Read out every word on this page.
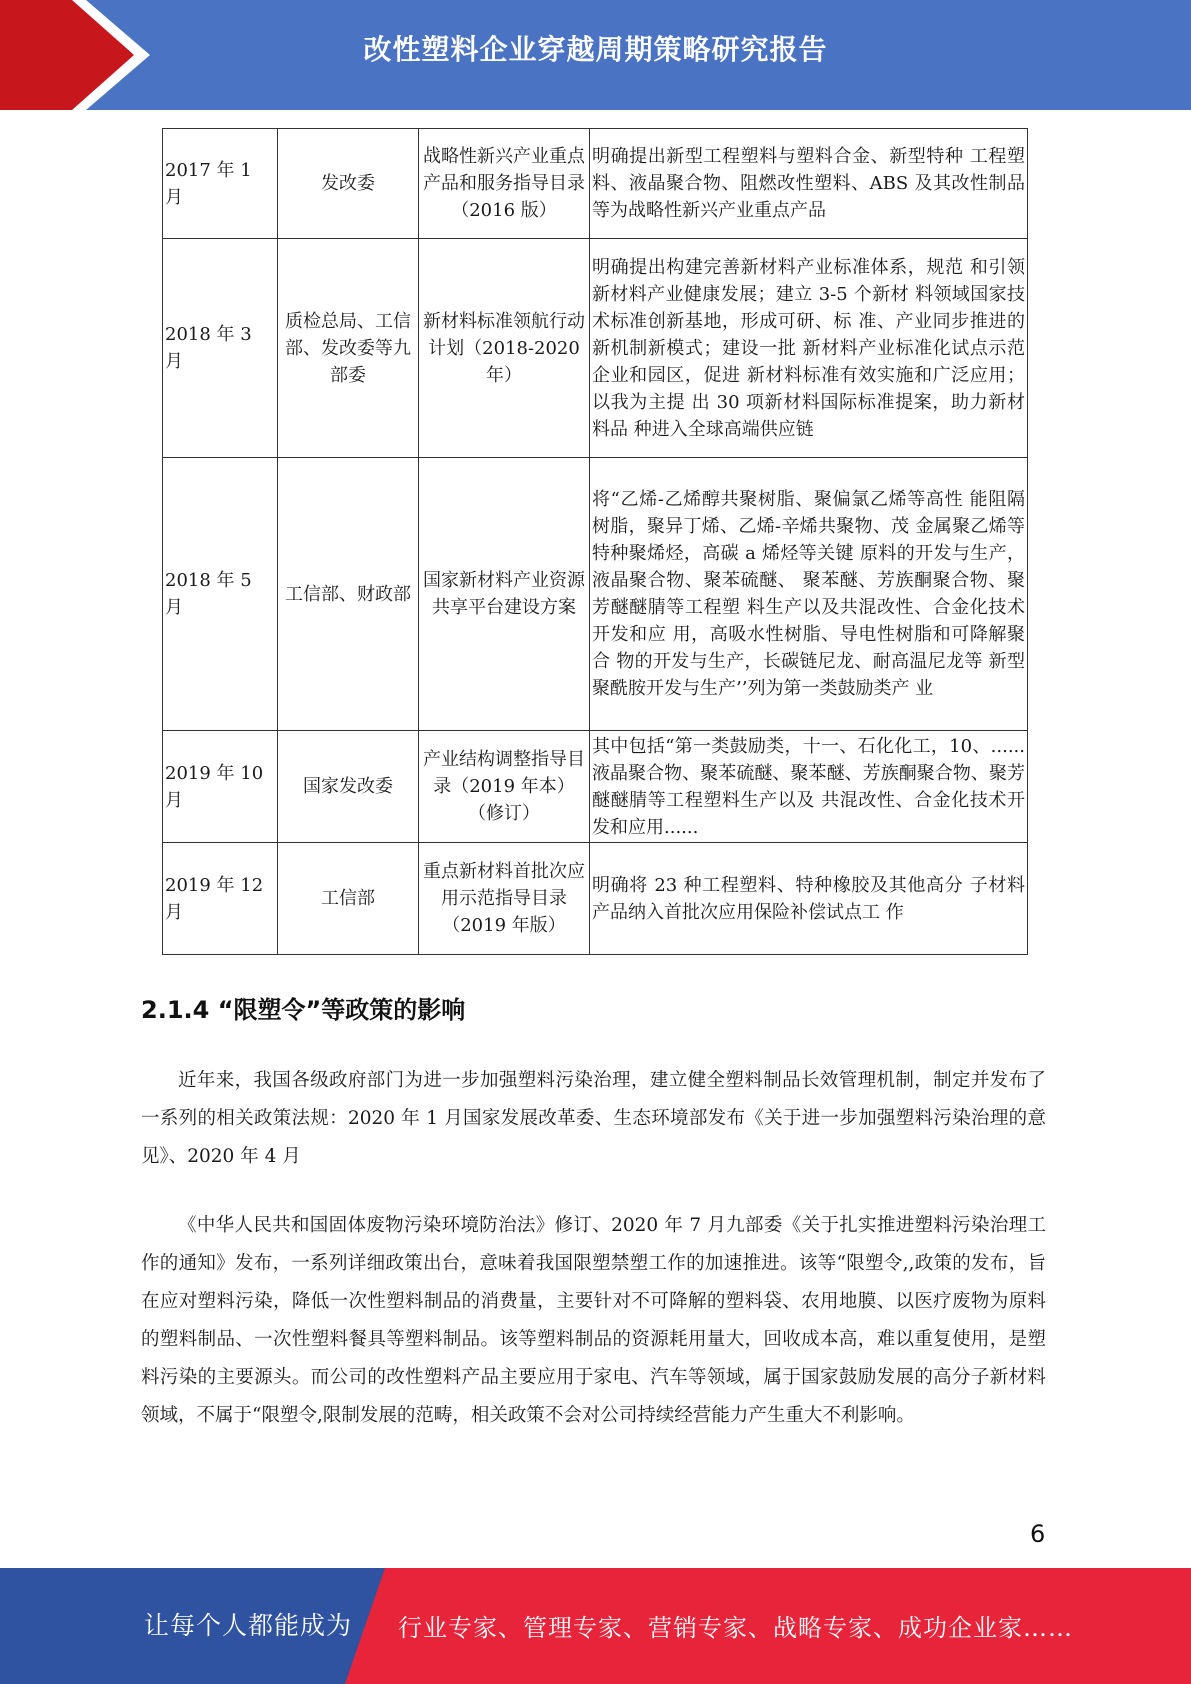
改性塑料企业穿越周期策略研究报告
2017 年 1 月	发改委	战略性新兴产业重点产品和服务指导目录（2016 版）	明确提出新型工程塑料与塑料合金、新型特种 工程塑料、液晶聚合物、阻燃改性塑料、ABS 及其改性制品等为战略性新兴产业重点产品
2018 年 3 月	质检总局、工信部、发改委等九部委	新材料标准领航行动计划（2018-2020 年）	明确提出构建完善新材料产业标准体系，规范 和引领新材料产业健康发展；建立 3-5 个新材 料领域国家技术标准创新基地，形成可研、标 准、产业同步推进的新机制新模式；建设一批 新材料产业标准化试点示范企业和园区，促进 新材料标准有效实施和广泛应用；以我为主提 出 30 项新材料国际标准提案，助力新材料品 种进入全球高端供应链
2018 年 5 月	工信部、财政部	国家新材料产业资源共享平台建设方案	将“乙烯-乙烯醇共聚树脂、聚偏氯乙烯等高性 能阻隔树脂，聚异丁烯、乙烯-辛烯共聚物、茂 金属聚乙烯等特种聚烯烃，高碳 a 烯烃等关键 原料的开发与生产，液晶聚合物、聚苯硫醚、 聚苯醚、芳族酮聚合物、聚芳醚醚腈等工程塑 料生产以及共混改性、合金化技术开发和应 用，高吸水性树脂、导电性树脂和可降解聚合 物的开发与生产，长碳链尼龙、耐高温尼龙等 新型聚酰胺开发与生产’’列为第一类鼓励类产 业
2019 年 10 月	国家发改委	产业结构调整指导目录（2019 年本）（修订）	其中包括“第一类鼓励类，十一、石化化工，10、......液晶聚合物、聚苯硫醚、聚苯醚、芳族酮聚合物、聚芳醚醚腈等工程塑料生产以及 共混改性、合金化技术开发和应用......
2019 年 12 月	工信部	重点新材料首批次应用示范指导目录（2019 年版）	明确将 23 种工程塑料、特种橡胶及其他高分 子材料产品纳入首批次应用保险补偿试点工 作
2.1.4 “限塑令”等政策的影响

近年来，我国各级政府部门为进一步加强塑料污染治理，建立健全塑料制品长效管理机制，制定并发布了一系列的相关政策法规：2020 年 1 月国家发展改革委、生态环境部发布《关于进一步加强塑料污染治理的意见》、2020 年 4 月

《中华人民共和国固体废物污染环境防治法》修订、2020 年 7 月九部委《关于扎实推进塑料污染治理工作的通知》发布，一系列详细政策出台，意味着我国限塑禁塑工作的加速推进。该等“限塑令,,政策的发布，旨在应对塑料污染，降低一次性塑料制品的消费量，主要针对不可降解的塑料袋、农用地膜、以医疗废物为原料的塑料制品、一次性塑料餐具等塑料制品。该等塑料制品的资源耗用量大，回收成本高，难以重复使用，是塑料污染的主要源头。而公司的改性塑料产品主要应用于家电、汽车等领域，属于国家鼓励发展的高分子新材料领域，不属于“限塑令,限制发展的范畴，相关政策不会对公司持续经营能力产生重大不利影响。

6
让每个人都能成为 行业专家、管理专家、营销专家、战略专家、成功企业家……
